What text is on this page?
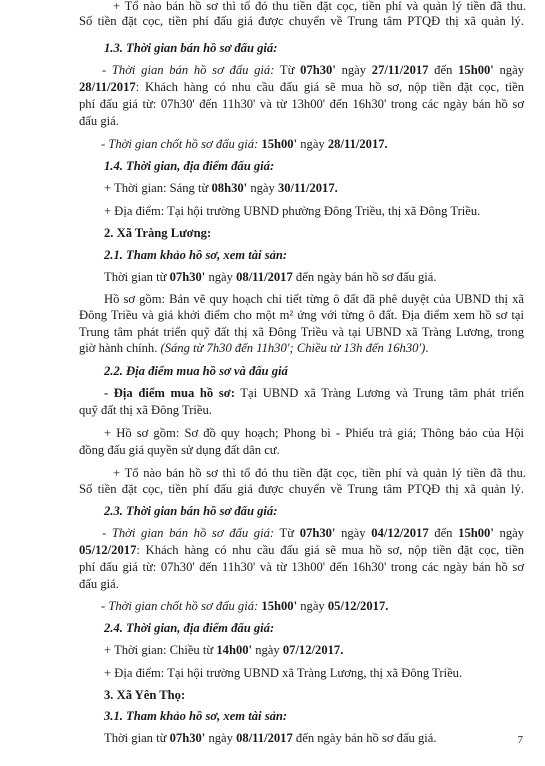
7
+ Tổ nào bán hồ sơ thì tổ đó thu tiền đặt cọc, tiền phí và quản lý tiền đã thu.
Số tiền đặt cọc, tiền phí đấu giá được chuyển về Trung tâm PTQĐ thị xã quản lý.
1.3. Thời gian bán hồ sơ đấu giá:
- Thời gian bán hồ sơ đấu giá: Từ 07h30' ngày 27/11/2017 đến 15h00' ngày
28/11/2017: Khách hàng có nhu cầu đấu giá sẽ mua hồ sơ, nộp tiền đặt cọc, tiền
phí đấu giá từ: 07h30' đến 11h30' và từ 13h00' đến 16h30' trong các ngày bán hồ sơ
đấu giá.
- Thời gian chốt hồ sơ đấu giá: 15h00' ngày 28/11/2017.
1.4. Thời gian, địa điểm đấu giá:
+ Thời gian: Sáng từ 08h30' ngày 30/11/2017.
+ Địa điểm: Tại hội trường UBND phường Đông Triều, thị xã Đông Triều.
2. Xã Tràng Lương:
2.1. Tham khảo hồ sơ, xem tài sản:
Thời gian từ 07h30' ngày 08/11/2017 đến ngày bán hồ sơ đấu giá.
Hồ sơ gồm: Bản vẽ quy hoạch chi tiết từng ô đất đã phê duyệt của UBND thị xã
Đông Triều và giá khởi điểm cho một m² ứng với từng ô đất. Địa điểm xem hồ sơ tại
Trung tâm phát triển quỹ đất thị xã Đông Triều và tại UBND xã Tràng Lương, trong
giờ hành chính. (Sáng từ 7h30 đến 11h30'; Chiều từ 13h đến 16h30').
2.2. Địa điểm mua hồ sơ và đấu giá
- Địa điểm mua hồ sơ: Tại UBND xã Tràng Lương và Trung tâm phát triển
quỹ đất thị xã Đông Triều.
+ Hồ sơ gồm: Sơ đồ quy hoạch; Phong bì - Phiếu trả giá; Thông báo của Hội
đồng đấu giá quyền sử dụng đất dân cư.
+ Tổ nào bán hồ sơ thì tổ đó thu tiền đặt cọc, tiền phí và quản lý tiền đã thu.
Số tiền đặt cọc, tiền phí đấu giá được chuyển về Trung tâm PTQĐ thị xã quản lý.
2.3. Thời gian bán hồ sơ đấu giá:
- Thời gian bán hồ sơ đấu giá: Từ 07h30' ngày 04/12/2017 đến 15h00' ngày
05/12/2017: Khách hàng có nhu cầu đấu giá sẽ mua hồ sơ, nộp tiền đặt cọc, tiền
phí đấu giá từ: 07h30' đến 11h30' và từ 13h00' đến 16h30' trong các ngày bán hồ sơ
đấu giá.
- Thời gian chốt hồ sơ đấu giá: 15h00' ngày 05/12/2017.
2.4. Thời gian, địa điểm đấu giá:
+ Thời gian: Chiều từ 14h00' ngày 07/12/2017.
+ Địa điểm: Tại hội trường UBND xã Tràng Lương, thị xã Đông Triều.
3. Xã Yên Thọ:
3.1. Tham khảo hồ sơ, xem tài sản:
Thời gian từ 07h30' ngày 08/11/2017 đến ngày bán hồ sơ đấu giá.
